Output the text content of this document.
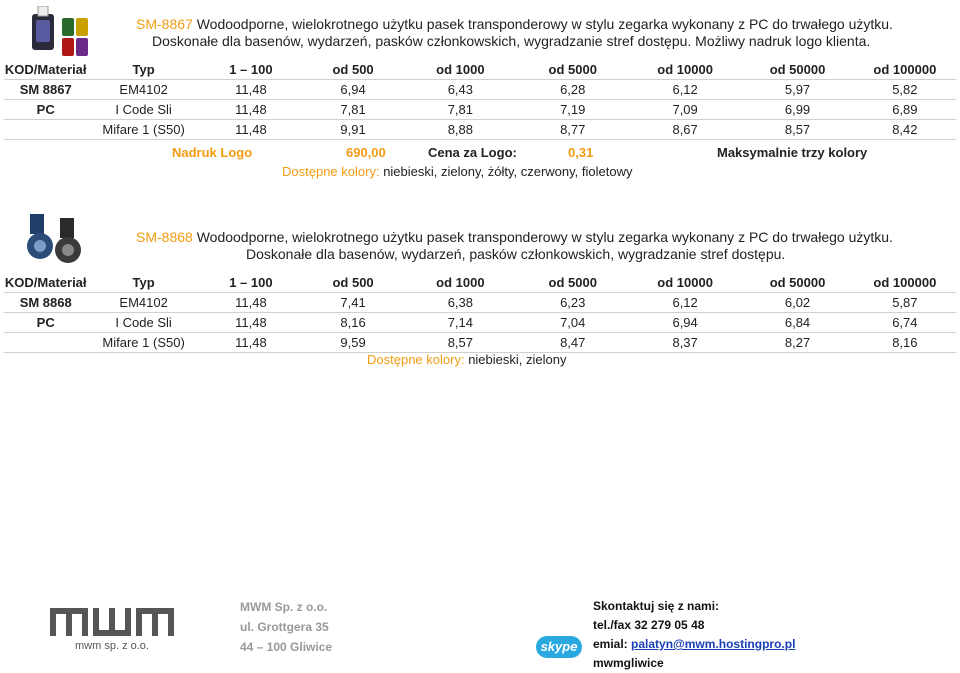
SM-8867 Wodoodporne, wielokrotnego użytku pasek transponderowy w stylu zegarka wykonany z PC do trwałego użytku.
Doskonałe dla basenów, wydarzeń, pasków członkowskich, wygradzanie stref dostępu. Możliwy nadruk logo klienta.
KOD/Materiał	Typ	1 – 100	od 500	od 1000	od 5000	od 10000	od 50000	od 100000
SM 8867	EM4102	11,48	6,94	6,43	6,28	6,12	5,97	5,82
PC	I Code Sli	11,48	7,81	7,81	7,19	7,09	6,99	6,89
	Mifare 1 (S50)	11,48	9,91	8,88	8,77	8,67	8,57	8,42
Nadruk Logo	690,00	Cena za Logo:	0,31	Maksymalnie trzy kolory
Dostępne kolory: niebieski, zielony, żółty, czerwony, fioletowy
SM-8868 Wodoodporne, wielokrotnego użytku pasek transponderowy w stylu zegarka wykonany z PC do trwałego użytku.
Doskonałe dla basenów, wydarzeń, pasków członkowskich, wygradzanie stref dostępu.
KOD/Materiał	Typ	1 – 100	od 500	od 1000	od 5000	od 10000	od 50000	od 100000
SM 8868	EM4102	11,48	7,41	6,38	6,23	6,12	6,02	5,87
PC	I Code Sli	11,48	8,16	7,14	7,04	6,94	6,84	6,74
	Mifare 1 (S50)	11,48	9,59	8,57	8,47	8,37	8,27	8,16
Dostępne kolory: niebieski, zielony
mwm sp. z o.o.
MWM Sp. z o.o.
ul. Grottgera 35
44 – 100 Gliwice	skype
Skontaktuj się z nami:
tel./fax 32 279 05 48
emial: palatyn@mwm.hostingpro.pl
mwmgliwice
